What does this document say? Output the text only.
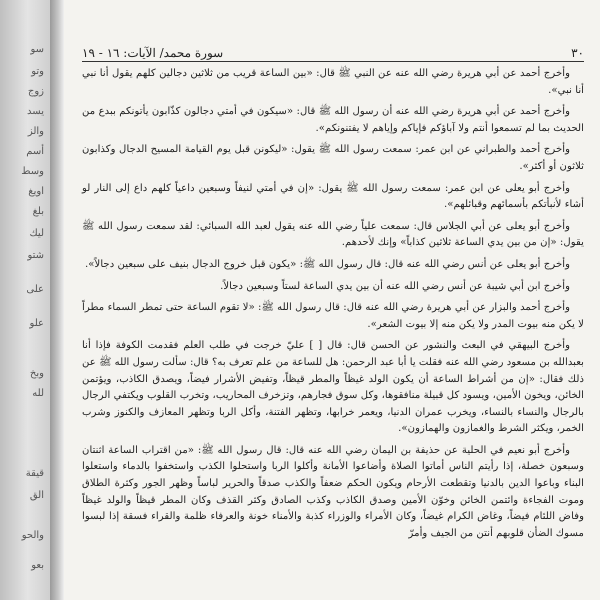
سو
وتو
زوج
يسد
والز
أسم
وسط
اويغ
بلغ
ليك
شتو
على
علو
وبخ
لله
قيقة
الق
والحو
بعو
٣٠
سورة محمد/ الآيات: ١٦ - ١٩

وأخرج أحمد عن أبي هريرة رضي الله عنه عن النبي ﷺ قال: «بين الساعة قريب من ثلاثين دجالين كلهم يقول أنا نبي أنا نبي».

وأخرج أحمد عن أبي هريرة رضي الله عنه أن رسول الله ﷺ قال: «سيكون في أمتي دجالون كذّابون يأتونكم ببدع من الحديث بما لم تسمعوا أنتم ولا آباؤكم فإياكم وإياهم لا يفتنونكم».

وأخرج أحمد والطبراني عن ابن عمر: سمعت رسول الله ﷺ يقول: «ليكونن قبل يوم القيامة المسيح الدجال وكذابون ثلاثون أو أكثر».

وأخرج أبو يعلى عن ابن عمر: سمعت رسول الله ﷺ يقول: «إن في أمتي لنيفاً وسبعين داعياً كلهم داع إلى النار لو أشاء لأنبأتكم بأسمائهم وقبائلهم».

وأخرج أبو يعلى عن أبي الجلاس قال: سمعت علياً رضي الله عنه يقول لعبد الله السبائي: لقد سمعت رسول الله ﷺ يقول: «إن من بين يدي الساعة ثلاثين كذاباً» وإنك لأحدهم.

وأخرج أبو يعلى عن أنس رضي الله عنه قال: قال رسول الله ﷺ: «يكون قبل خروج الدجال بنيف على سبعين دجالاً».

وأخرج ابن أبي شيبة عن أنس رضي الله عنه أن بين يدي الساعة لستاً وسبعين دجالاً.

وأخرج أحمد والبزار عن أبي هريرة رضي الله عنه قال: قال رسول الله ﷺ: «لا تقوم الساعة حتى تمطر السماء مطراً لا يكن منه بيوت المدر ولا يكن منه إلا بيوت الشعر».

وأخرج البيهقي في البعث والنشور عن الحسن قال: قال [ ] عليّ خرجت في طلب العلم فقدمت الكوفة فإذا أنا بعبدالله بن مسعود رضي الله عنه فقلت يا أبا عبد الرحمن: هل للساعة من علم تعرف به؟ قال: سألت رسول الله ﷺ عن ذلك فقال: «إن من أشراط الساعة أن يكون الولد غيظاً والمطر قيظاً، وتفيض الأشرار فيضاً، ويصدق الكاذب، ويؤتمن الخائن، ويخون الأمين، ويسود كل قبيلة منافقوها، وكل سوق فجارهم، وتزخرف المحاريب، وتخرب القلوب ويكتفي الرجال بالرجال والنساء بالنساء، ويخرب عمران الدنيا، ويعمر خرابها، وتظهر الفتنة، وأكل الربا وتظهر المعازف والكنوز وشرب الخمر، ويكثر الشرط والغمازون والهمازون».

وأخرج أبو نعيم في الحلية عن حذيفة بن اليمان رضي الله عنه قال: قال رسول الله ﷺ: «من اقتراب الساعة اثنتان وسبعون خصلة، إذا رأيتم الناس أماتوا الصلاة وأضاعوا الأمانة وأكلوا الربا واستحلوا الكذب واستخفوا بالدماء واستعلوا البناء وباعوا الدين بالدنيا وتقطعت الأرحام ويكون الحكم ضعفاً والكذب صدقاً والحرير لباساً وظهر الجور وكثرة الطلاق وموت الفجاءة وائتمن الخائن وخوّن الأمين وصدق الكاذب وكذب الصادق وكثر القذف وكان المطر قيظاً والولد غيظاً وفاض اللئام فيضاً، وغاض الكرام غيضاً، وكان الأمراء والوزراء كذبة والأمناء خونة والعرفاء ظلمة والقراء فسقة إذا لبسوا مسوك الضأن قلوبهم أنتن من الجيف وأمرّ
